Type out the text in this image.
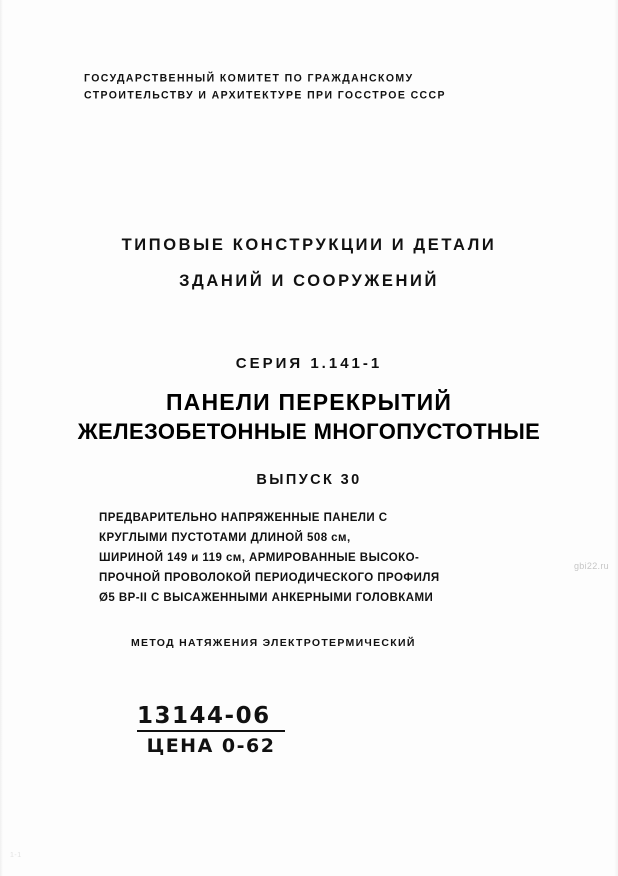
ГОСУДАРСТВЕННЫЙ КОМИТЕТ ПО ГРАЖДАНСКОМУ
СТРОИТЕЛЬСТВУ И АРХИТЕКТУРЕ ПРИ ГОССТРОЕ СССР
ТИПОВЫЕ КОНСТРУКЦИИ И ДЕТАЛИ
ЗДАНИЙ И СООРУЖЕНИЙ
СЕРИЯ 1.141-1
ПАНЕЛИ ПЕРЕКРЫТИЙ
ЖЕЛЕЗОБЕТОННЫЕ МНОГОПУСТОТНЫЕ
ВЫПУСК 30
ПРЕДВАРИТЕЛЬНО НАПРЯЖЕННЫЕ ПАНЕЛИ С
КРУГЛЫМИ ПУСТОТАМИ ДЛИНОЙ 508 см,
ШИРИНОЙ 149 и 119 см, АРМИРОВАННЫЕ ВЫСОКО-
ПРОЧНОЙ ПРОВОЛОКОЙ ПЕРИОДИЧЕСКОГО ПРОФИЛЯ
Ø5 ВР-II С ВЫСАЖЕННЫМИ АНКЕРНЫМИ ГОЛОВКАМИ
МЕТОД НАТЯЖЕНИЯ ЭЛЕКТРОТЕРМИЧЕСКИЙ
13144-06
ЦЕНА 0-62
gbi22.ru
1-1
